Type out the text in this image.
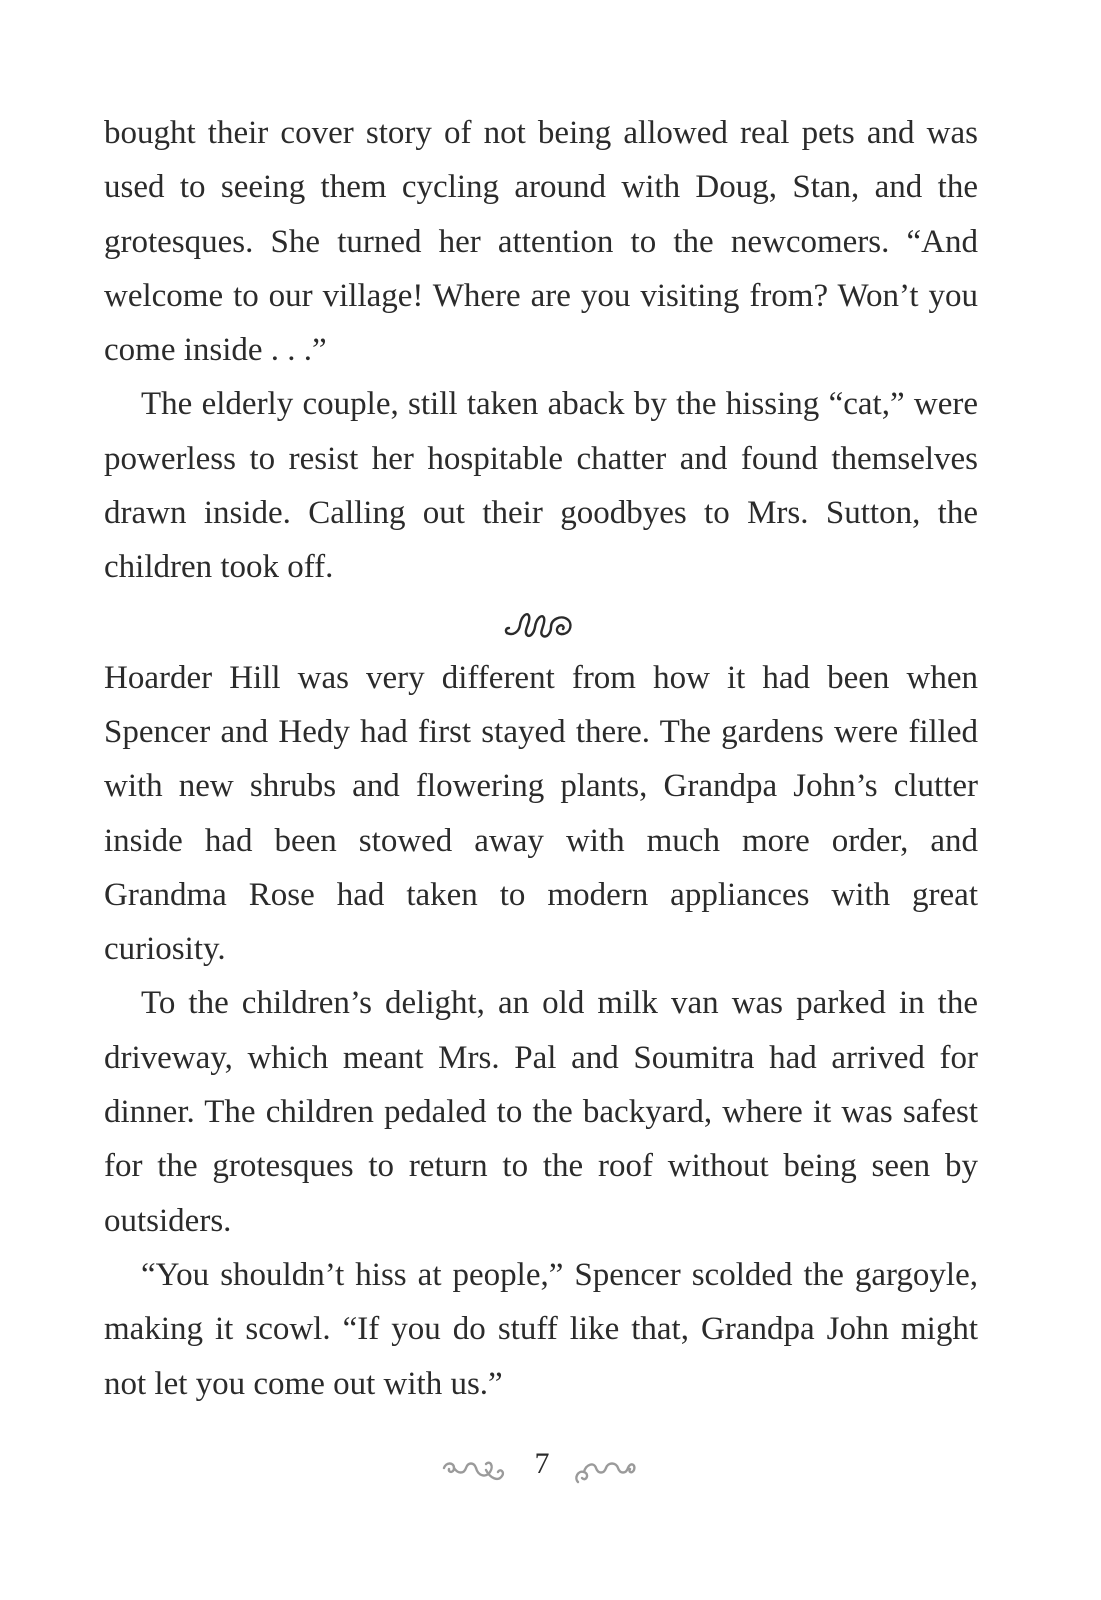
bought their cover story of not being allowed real pets and was used to seeing them cycling around with Doug, Stan, and the grotesques. She turned her attention to the newcomers. “And welcome to our village! Where are you visiting from? Won’t you come inside . . .”

The elderly couple, still taken aback by the hissing “cat,” were powerless to resist her hospitable chatter and found themselves drawn inside. Calling out their goodbyes to Mrs. Sutton, the children took off.

Hoarder Hill was very different from how it had been when Spencer and Hedy had first stayed there. The gardens were filled with new shrubs and flowering plants, Grandpa John’s clutter inside had been stowed away with much more order, and Grandma Rose had taken to modern appliances with great curiosity.

To the children’s delight, an old milk van was parked in the driveway, which meant Mrs. Pal and Soumitra had arrived for dinner. The children pedaled to the backyard, where it was safest for the grotesques to return to the roof without being seen by outsiders.

“You shouldn’t hiss at people,” Spencer scolded the gargoyle, making it scowl. “If you do stuff like that, Grandpa John might not let you come out with us.”

7
